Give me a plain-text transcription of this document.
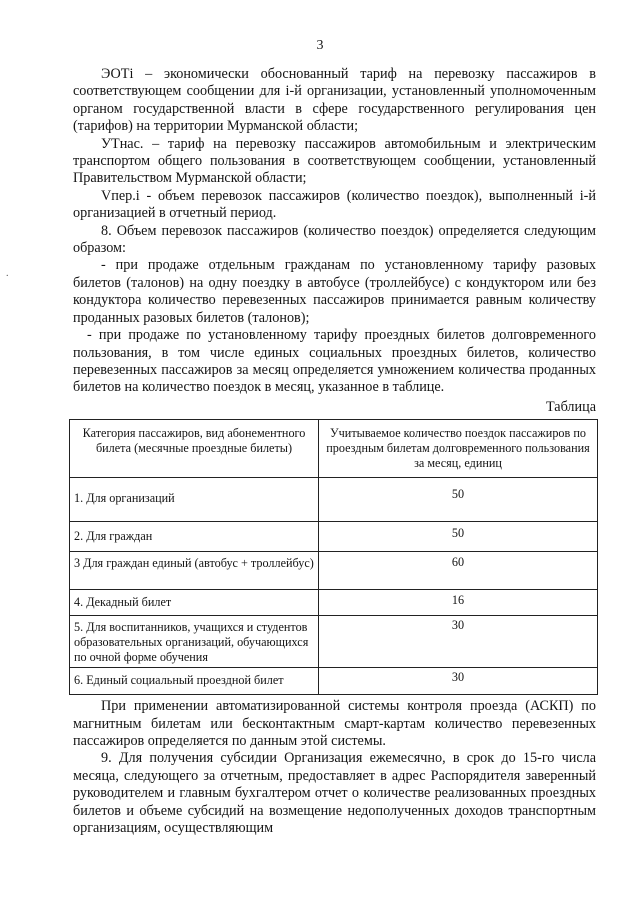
3
.

ЭОТi – экономически обоснованный тариф на перевозку пассажиров в соответствующем сообщении для i-й организации, установленный уполномоченным органом государственной власти в сфере государственного регулирования цен (тарифов) на территории Мурманской области;

УТнас. – тариф на перевозку пассажиров автомобильным и электрическим транспортом общего пользования в соответствующем сообщении, установленный Правительством Мурманской области;

Vпер.i - объем перевозок пассажиров (количество поездок), выполненный i-й организацией в отчетный период.

8. Объем перевозок пассажиров (количество поездок) определяется следующим образом:

- при продаже отдельным гражданам по установленному тарифу разовых билетов (талонов) на одну поездку в автобусе (троллейбусе) с кондуктором или без кондуктора количество перевезенных пассажиров принимается равным количеству проданных разовых билетов (талонов);

- при продаже по установленному тарифу проездных билетов долговременного пользования, в том числе единых социальных проездных билетов, количество перевезенных пассажиров за месяц определяется умножением количества проданных билетов на количество поездок в месяц, указанное в таблице.

Таблица
Категория пассажиров, вид абонементного билета (месячные проездные билеты)	Учитываемое количество поездок пассажиров по проездным билетам долговременного пользования за месяц, единиц
1. Для организаций	50
2. Для граждан	50
3 Для граждан единый (автобус + троллейбус)	60
4. Декадный билет	16
5. Для воспитанников, учащихся и студентов образовательных организаций, обучающихся по очной форме обучения	30
6. Единый социальный проездной билет	30

При применении автоматизированной системы контроля проезда (АСКП) по магнитным билетам или бесконтактным смарт-картам количество перевезенных пассажиров определяется по данным этой системы.

9. Для получения субсидии Организация ежемесячно, в срок до 15-го числа месяца, следующего за отчетным, предоставляет в адрес Распорядителя заверенный руководителем и главным бухгалтером отчет о количестве реализованных проездных билетов и объеме субсидий на возмещение недополученных доходов транспортным организациям, осуществляющим
